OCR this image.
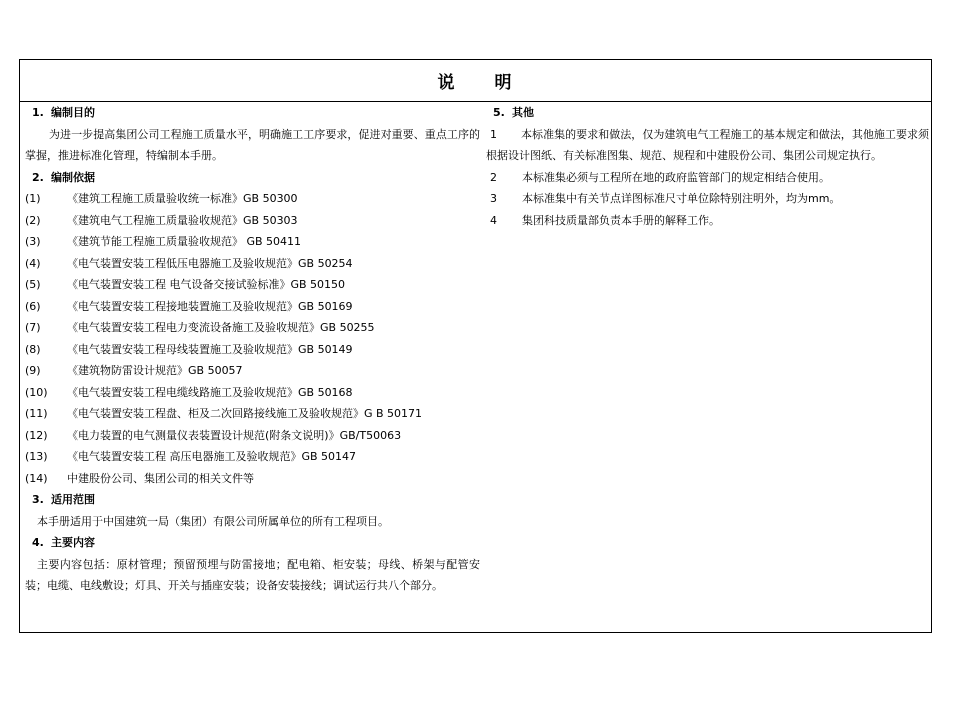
说　　明
1. 编制目的
为进一步提高集团公司工程施工质量水平，明确施工工序要求，促进对重要、重点工序的掌握，推进标准化管理，特编制本手册。
2. 编制依据
(1)	《建筑工程施工质量验收统一标准》GB 50300
(2)	《建筑电气工程施工质量验收规范》GB 50303
(3)	《建筑节能工程施工质量验收规范》 GB 50411
(4)	《电气装置安装工程低压电器施工及验收规范》GB 50254
(5)	《电气装置安装工程 电气设备交接试验标准》GB 50150
(6)	《电气装置安装工程接地装置施工及验收规范》GB 50169
(7)	《电气装置安装工程电力变流设备施工及验收规范》GB 50255
(8)	《电气装置安装工程母线装置施工及验收规范》GB 50149
(9)	《建筑物防雷设计规范》GB 50057
(10)	《电气装置安装工程电缆线路施工及验收规范》GB 50168
(11)	《电气装置安装工程盘、柜及二次回路接线施工及验收规范》G B 50171
(12)	《电力装置的电气测量仪表装置设计规范(附条文说明)》GB/T50063
(13)	《电气装置安装工程 高压电器施工及验收规范》GB 50147
(14)	中建股份公司、集团公司的相关文件等
3. 适用范围
本手册适用于中国建筑一局（集团）有限公司所属单位的所有工程项目。
4. 主要内容
主要内容包括：原材管理；预留预埋与防雷接地；配电箱、柜安装；母线、桥架与配管安装；电缆、电线敷设；灯具、开关与插座安装；设备安装接线；调试运行共八个部分。
5. 其他
1 本标准集的要求和做法，仅为建筑电气工程施工的基本规定和做法，其他施工要求须根据设计图纸、有关标准图集、规范、规程和中建股份公司、集团公司规定执行。
2	本标准集必须与工程所在地的政府监管部门的规定相结合使用。
3	本标准集中有关节点详图标准尺寸单位除特别注明外，均为mm。
4	集团科技质量部负责本手册的解释工作。
